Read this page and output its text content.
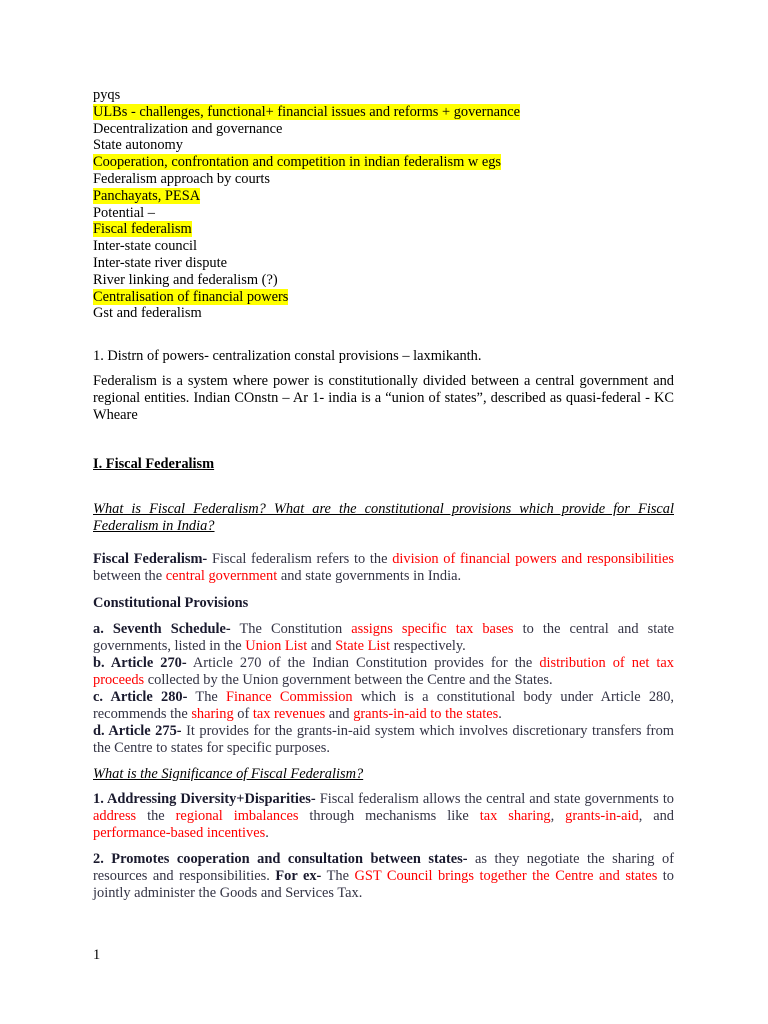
pyqs
ULBs - challenges, functional+ financial issues and reforms + governance
Decentralization and governance
State autonomy
Cooperation, confrontation and competition in indian federalism w egs
Federalism approach by courts
Panchayats, PESA
Potential –
Fiscal federalism
Inter-state council
Inter-state river dispute
River linking and federalism (?)
Centralisation of financial powers
Gst and federalism
1. Distrn of powers- centralization constal provisions – laxmikanth.
Federalism is a system where power is constitutionally divided between a central government and regional entities. Indian COnstn – Ar 1- india is a “union of states”, described as quasi-federal - KC Wheare
I. Fiscal Federalism
What is Fiscal Federalism? What are the constitutional provisions which provide for Fiscal Federalism in India?
Fiscal Federalism- Fiscal federalism refers to the division of financial powers and responsibilities between the central government and state governments in India.
Constitutional Provisions
a. Seventh Schedule- The Constitution assigns specific tax bases to the central and state governments, listed in the Union List and State List respectively.
b. Article 270- Article 270 of the Indian Constitution provides for the distribution of net tax proceeds collected by the Union government between the Centre and the States.
c. Article 280- The Finance Commission which is a constitutional body under Article 280, recommends the sharing of tax revenues and grants-in-aid to the states.
d. Article 275- It provides for the grants-in-aid system which involves discretionary transfers from the Centre to states for specific purposes.
What is the Significance of Fiscal Federalism?
1. Addressing Diversity+Disparities- Fiscal federalism allows the central and state governments to address the regional imbalances through mechanisms like tax sharing, grants-in-aid, and performance-based incentives.
2. Promotes cooperation and consultation between states- as they negotiate the sharing of resources and responsibilities. For ex- The GST Council brings together the Centre and states to jointly administer the Goods and Services Tax.
1
